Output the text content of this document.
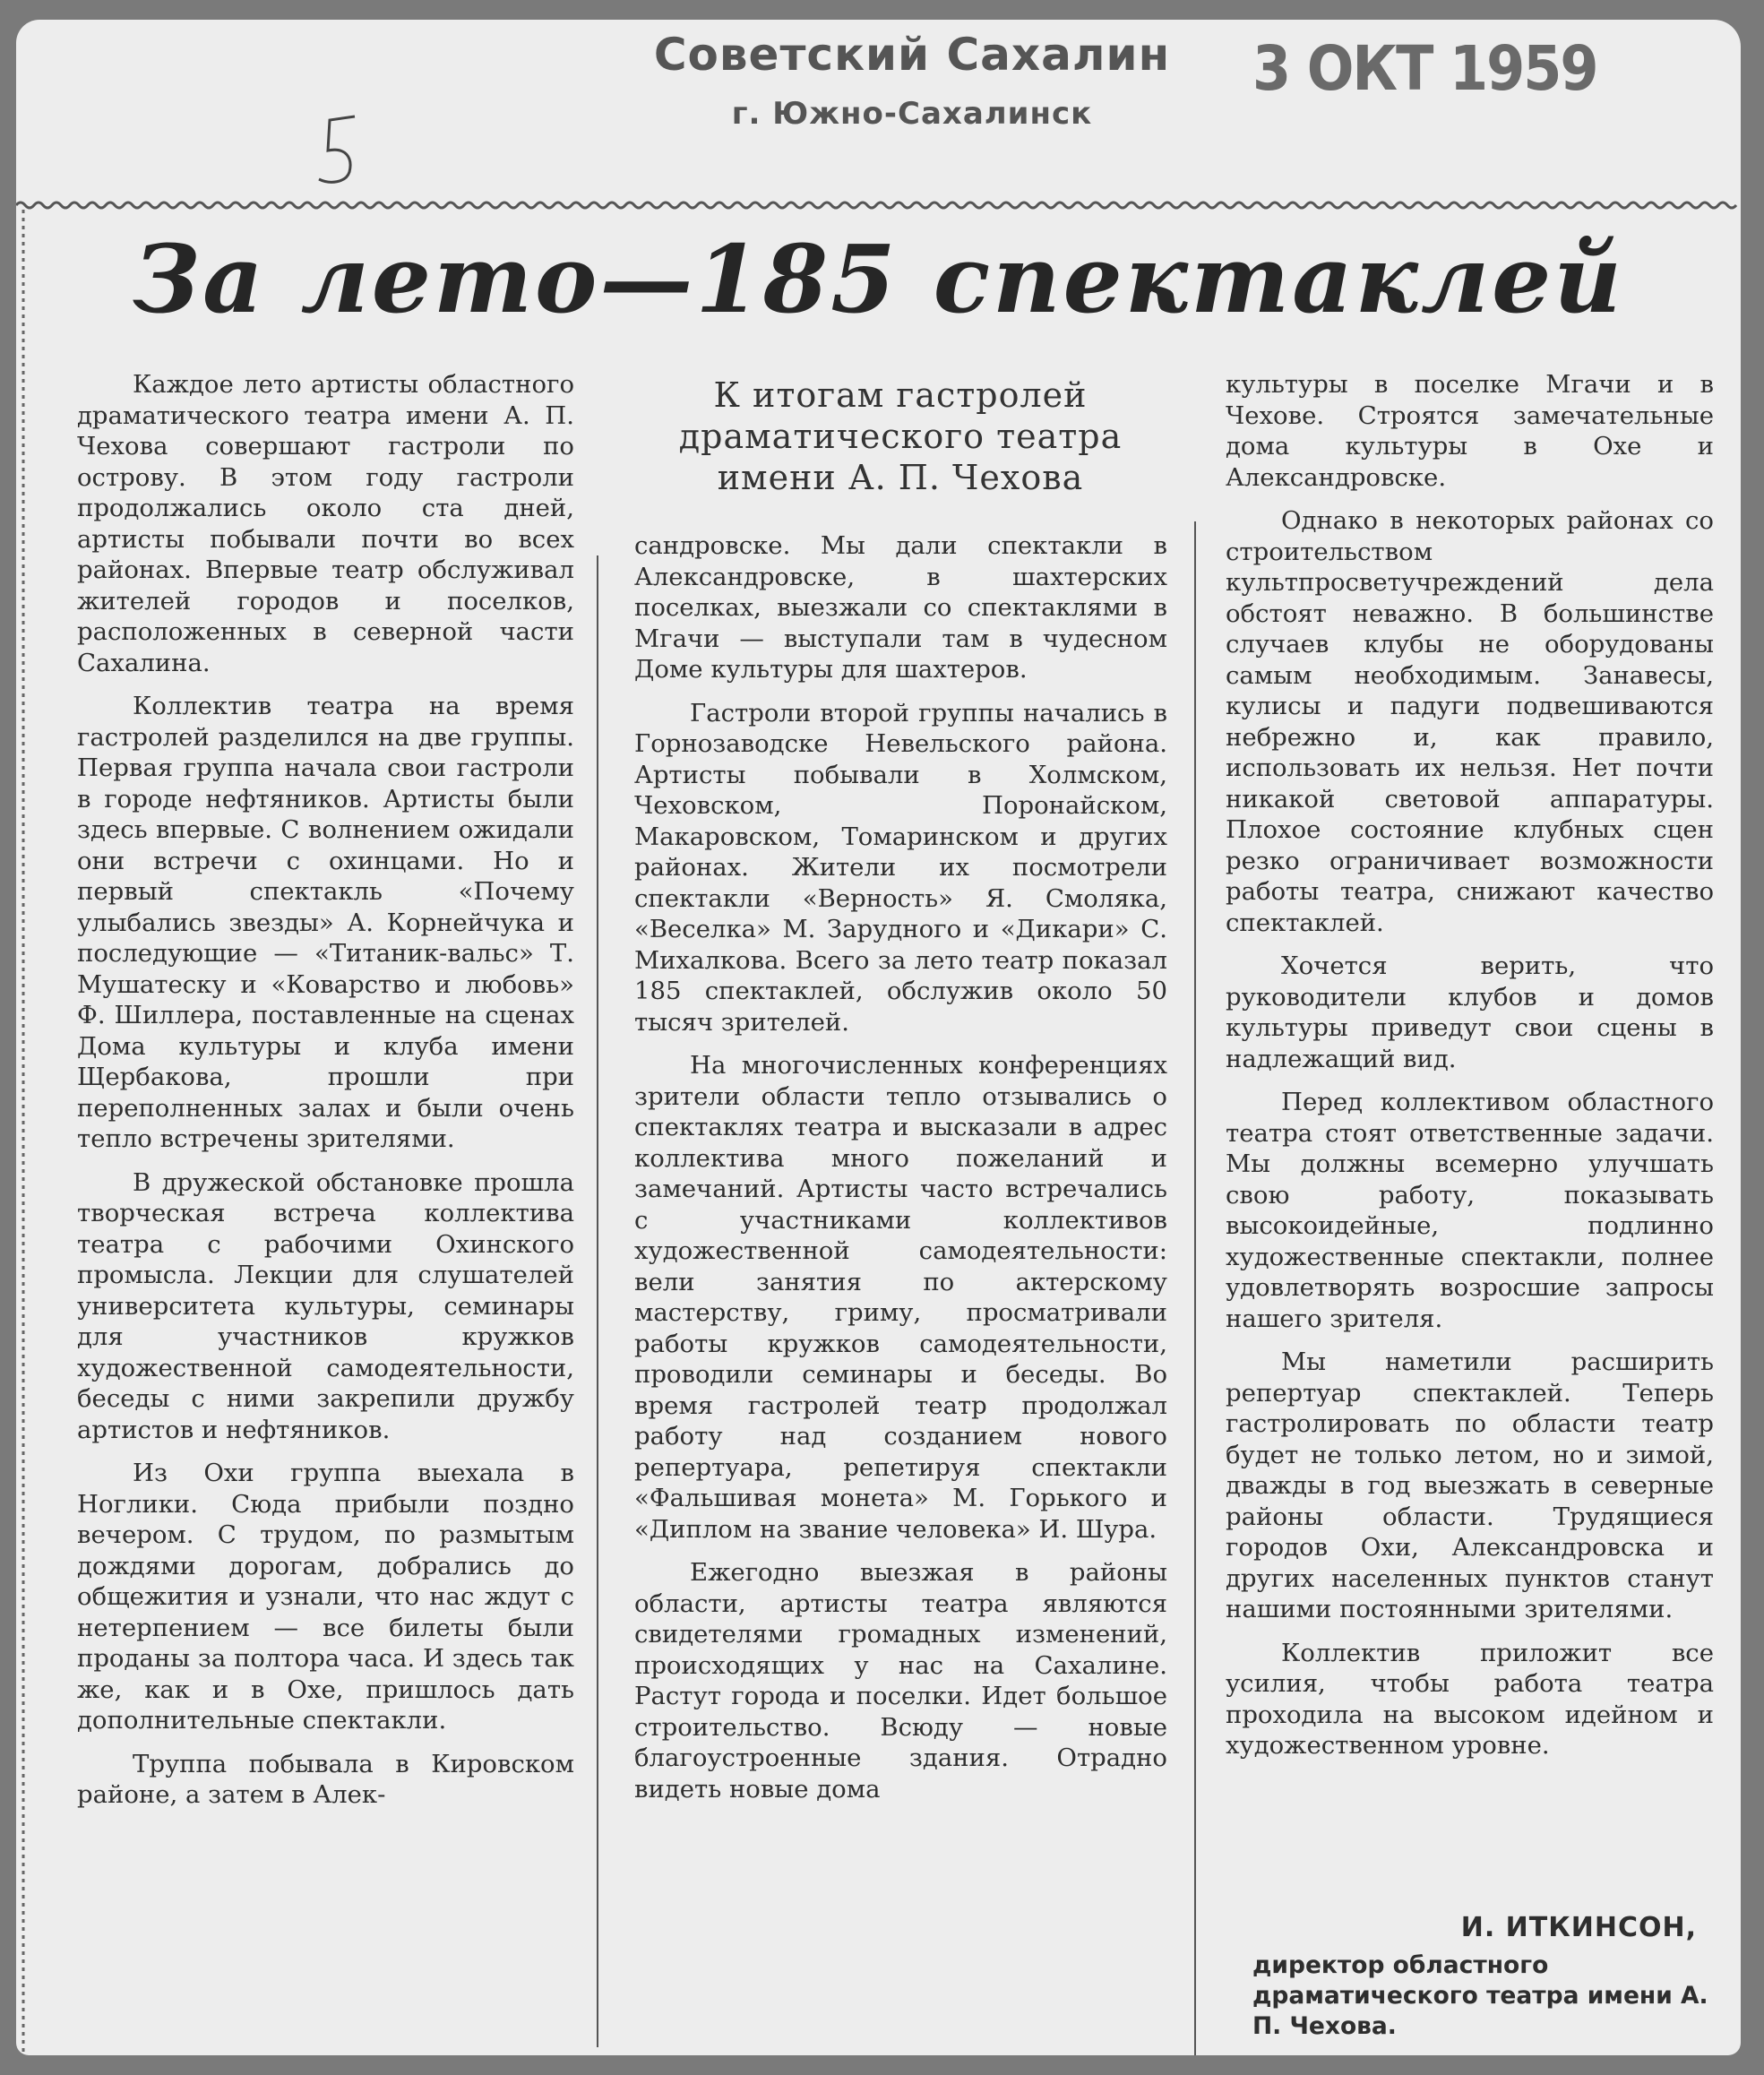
Советский Сахалин
г. Южно-Сахалинск
3 ОКТ 1959
За лето—185 спектаклей
К итогам гастролей драматического театра имени А. П. Чехова

Каждое лето артисты областного драматического театра имени А. П. Чехова совершают гастроли по острову. В этом году гастроли продолжались около ста дней, артисты побывали почти во всех районах. Впервые театр обслуживал жителей городов и поселков, расположенных в северной части Сахалина.

Коллектив театра на время гастролей разделился на две группы. Первая группа начала свои гастроли в городе нефтяников. Артисты были здесь впервые. С волнением ожидали они встречи с охинцами. Но и первый спектакль «Почему улыбались звезды» А. Корнейчука и последующие — «Титаник-вальс» Т. Мушатеску и «Коварство и любовь» Ф. Шиллера, поставленные на сценах Дома культуры и клуба имени Щербакова, прошли при переполненных залах и были очень тепло встречены зрителями.

В дружеской обстановке прошла творческая встреча коллектива театра с рабочими Охинского промысла. Лекции для слушателей университета культуры, семинары для участников кружков художественной самодеятельности, беседы с ними закрепили дружбу артистов и нефтяников.

Из Охи группа выехала в Ноглики. Сюда прибыли поздно вечером. С трудом, по размытым дождями дорогам, добрались до общежития и узнали, что нас ждут с нетерпением — все билеты были проданы за полтора часа. И здесь так же, как и в Охе, пришлось дать дополнительные спектакли.

Труппа побывала в Кировском районе, а затем в Алек-

сандровске. Мы дали спектакли в Александровске, в шахтерских поселках, выезжали со спектаклями в Мгачи — выступали там в чудесном Доме культуры для шахтеров.

Гастроли второй группы начались в Горнозаводске Невельского района. Артисты побывали в Холмском, Чеховском, Поронайском, Макаровском, Томаринском и других районах. Жители их посмотрели спектакли «Верность» Я. Смоляка, «Веселка» М. Зарудного и «Дикари» С. Михалкова. Всего за лето театр показал 185 спектаклей, обслужив около 50 тысяч зрителей.

На многочисленных конференциях зрители области тепло отзывались о спектаклях театра и высказали в адрес коллектива много пожеланий и замечаний. Артисты часто встречались с участниками коллективов художественной самодеятельности: вели занятия по актерскому мастерству, гриму, просматривали работы кружков самодеятельности, проводили семинары и беседы. Во время гастролей театр продолжал работу над созданием нового репертуара, репетируя спектакли «Фальшивая монета» М. Горького и «Диплом на звание человека» И. Шура.

Ежегодно выезжая в районы области, артисты театра являются свидетелями громадных изменений, происходящих у нас на Сахалине. Растут города и поселки. Идет большое строительство. Всюду — новые благоустроенные здания. Отрадно видеть новые дома

культуры в поселке Мгачи и в Чехове. Строятся замечательные дома культуры в Охе и Александровске.

Однако в некоторых районах со строительством культпросветучреждений дела обстоят неважно. В большинстве случаев клубы не оборудованы самым необходимым. Занавесы, кулисы и падуги подвешиваются небрежно и, как правило, использовать их нельзя. Нет почти никакой световой аппаратуры. Плохое состояние клубных сцен резко ограничивает возможности работы театра, снижают качество спектаклей.

Хочется верить, что руководители клубов и домов культуры приведут свои сцены в надлежащий вид.

Перед коллективом областного театра стоят ответственные задачи. Мы должны всемерно улучшать свою работу, показывать высокоидейные, подлинно художественные спектакли, полнее удовлетворять возросшие запросы нашего зрителя.

Мы наметили расширить репертуар спектаклей. Теперь гастролировать по области театр будет не только летом, но и зимой, дважды в год выезжать в северные районы области. Трудящиеся городов Охи, Александровска и других населенных пунктов станут нашими постоянными зрителями.

Коллектив приложит все усилия, чтобы работа театра проходила на высоком идейном и художественном уровне.

И. ИТКИНСОН,
директор областного драматического театра имени А. П. Чехова.
